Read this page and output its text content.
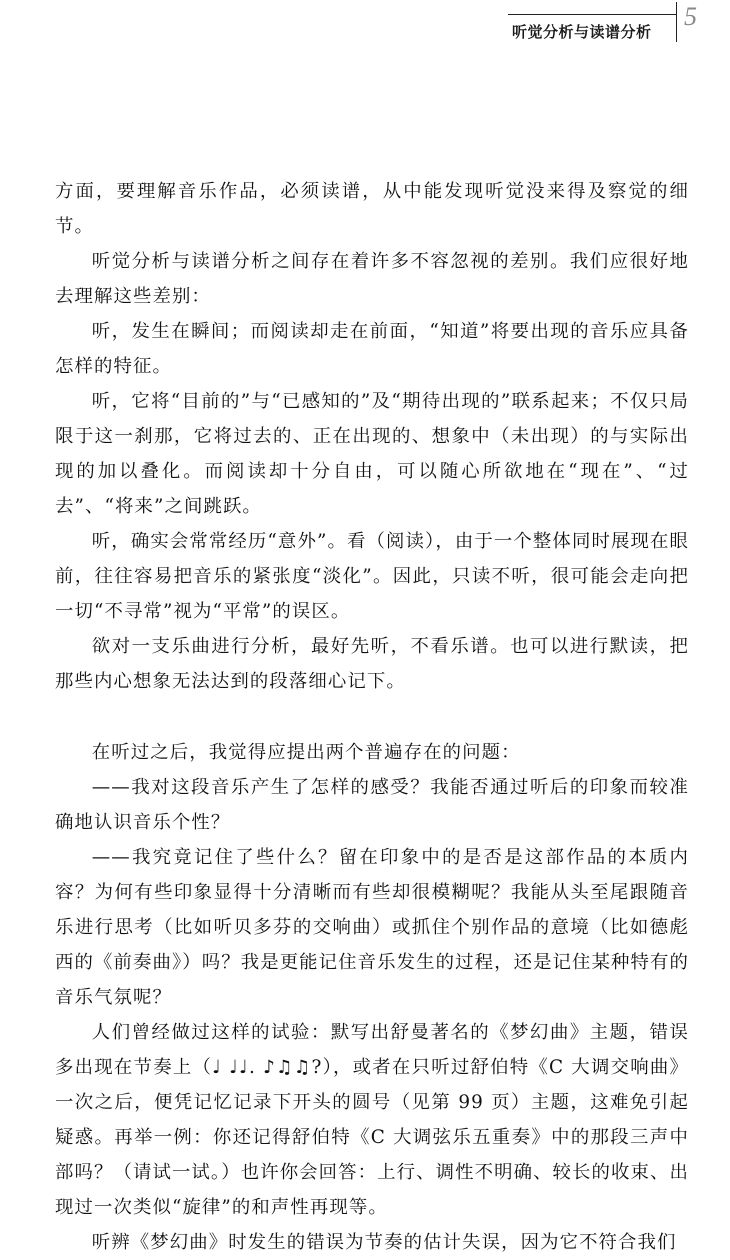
听觉分析与读谱分析
5

方面，要理解音乐作品，必须读谱，从中能发现听觉没来得及察觉的细节。

听觉分析与读谱分析之间存在着许多不容忽视的差别。我们应很好地去理解这些差别：

听，发生在瞬间；而阅读却走在前面，“知道”将要出现的音乐应具备怎样的特征。

听，它将“目前的”与“已感知的”及“期待出现的”联系起来；不仅只局限于这一刹那，它将过去的、正在出现的、想象中（未出现）的与实际出现的加以叠化。而阅读却十分自由，可以随心所欲地在“现在”、“过去”、“将来”之间跳跃。

听，确实会常常经历“意外”。看（阅读），由于一个整体同时展现在眼前，往往容易把音乐的紧张度“淡化”。因此，只读不听，很可能会走向把一切“不寻常”视为“平常”的误区。

欲对一支乐曲进行分析，最好先听，不看乐谱。也可以进行默读，把那些内心想象无法达到的段落细心记下。

在听过之后，我觉得应提出两个普遍存在的问题：

——我对这段音乐产生了怎样的感受？我能否通过听后的印象而较准确地认识音乐个性？

——我究竟记住了些什么？留在印象中的是否是这部作品的本质内容？为何有些印象显得十分清晰而有些却很模糊呢？我能从头至尾跟随音乐进行思考（比如听贝多芬的交响曲）或抓住个别作品的意境（比如德彪西的《前奏曲》）吗？我是更能记住音乐发生的过程，还是记住某种特有的音乐气氛呢？

人们曾经做过这样的试验：默写出舒曼著名的《梦幻曲》主题，错误多出现在节奏上（♩ ♩♩. ♪♫♫?），或者在只听过舒伯特《C 大调交响曲》一次之后，便凭记忆记录下开头的圆号（见第 99 页）主题，这难免引起疑惑。再举一例：你还记得舒伯特《C 大调弦乐五重奏》中的那段三声中部吗？（请试一试。）也许你会回答：上行、调性不明确、较长的收束、出现过一次类似“旋律”的和声性再现等。

听辨《梦幻曲》时发生的错误为节奏的估计失误，因为它不符合我们
